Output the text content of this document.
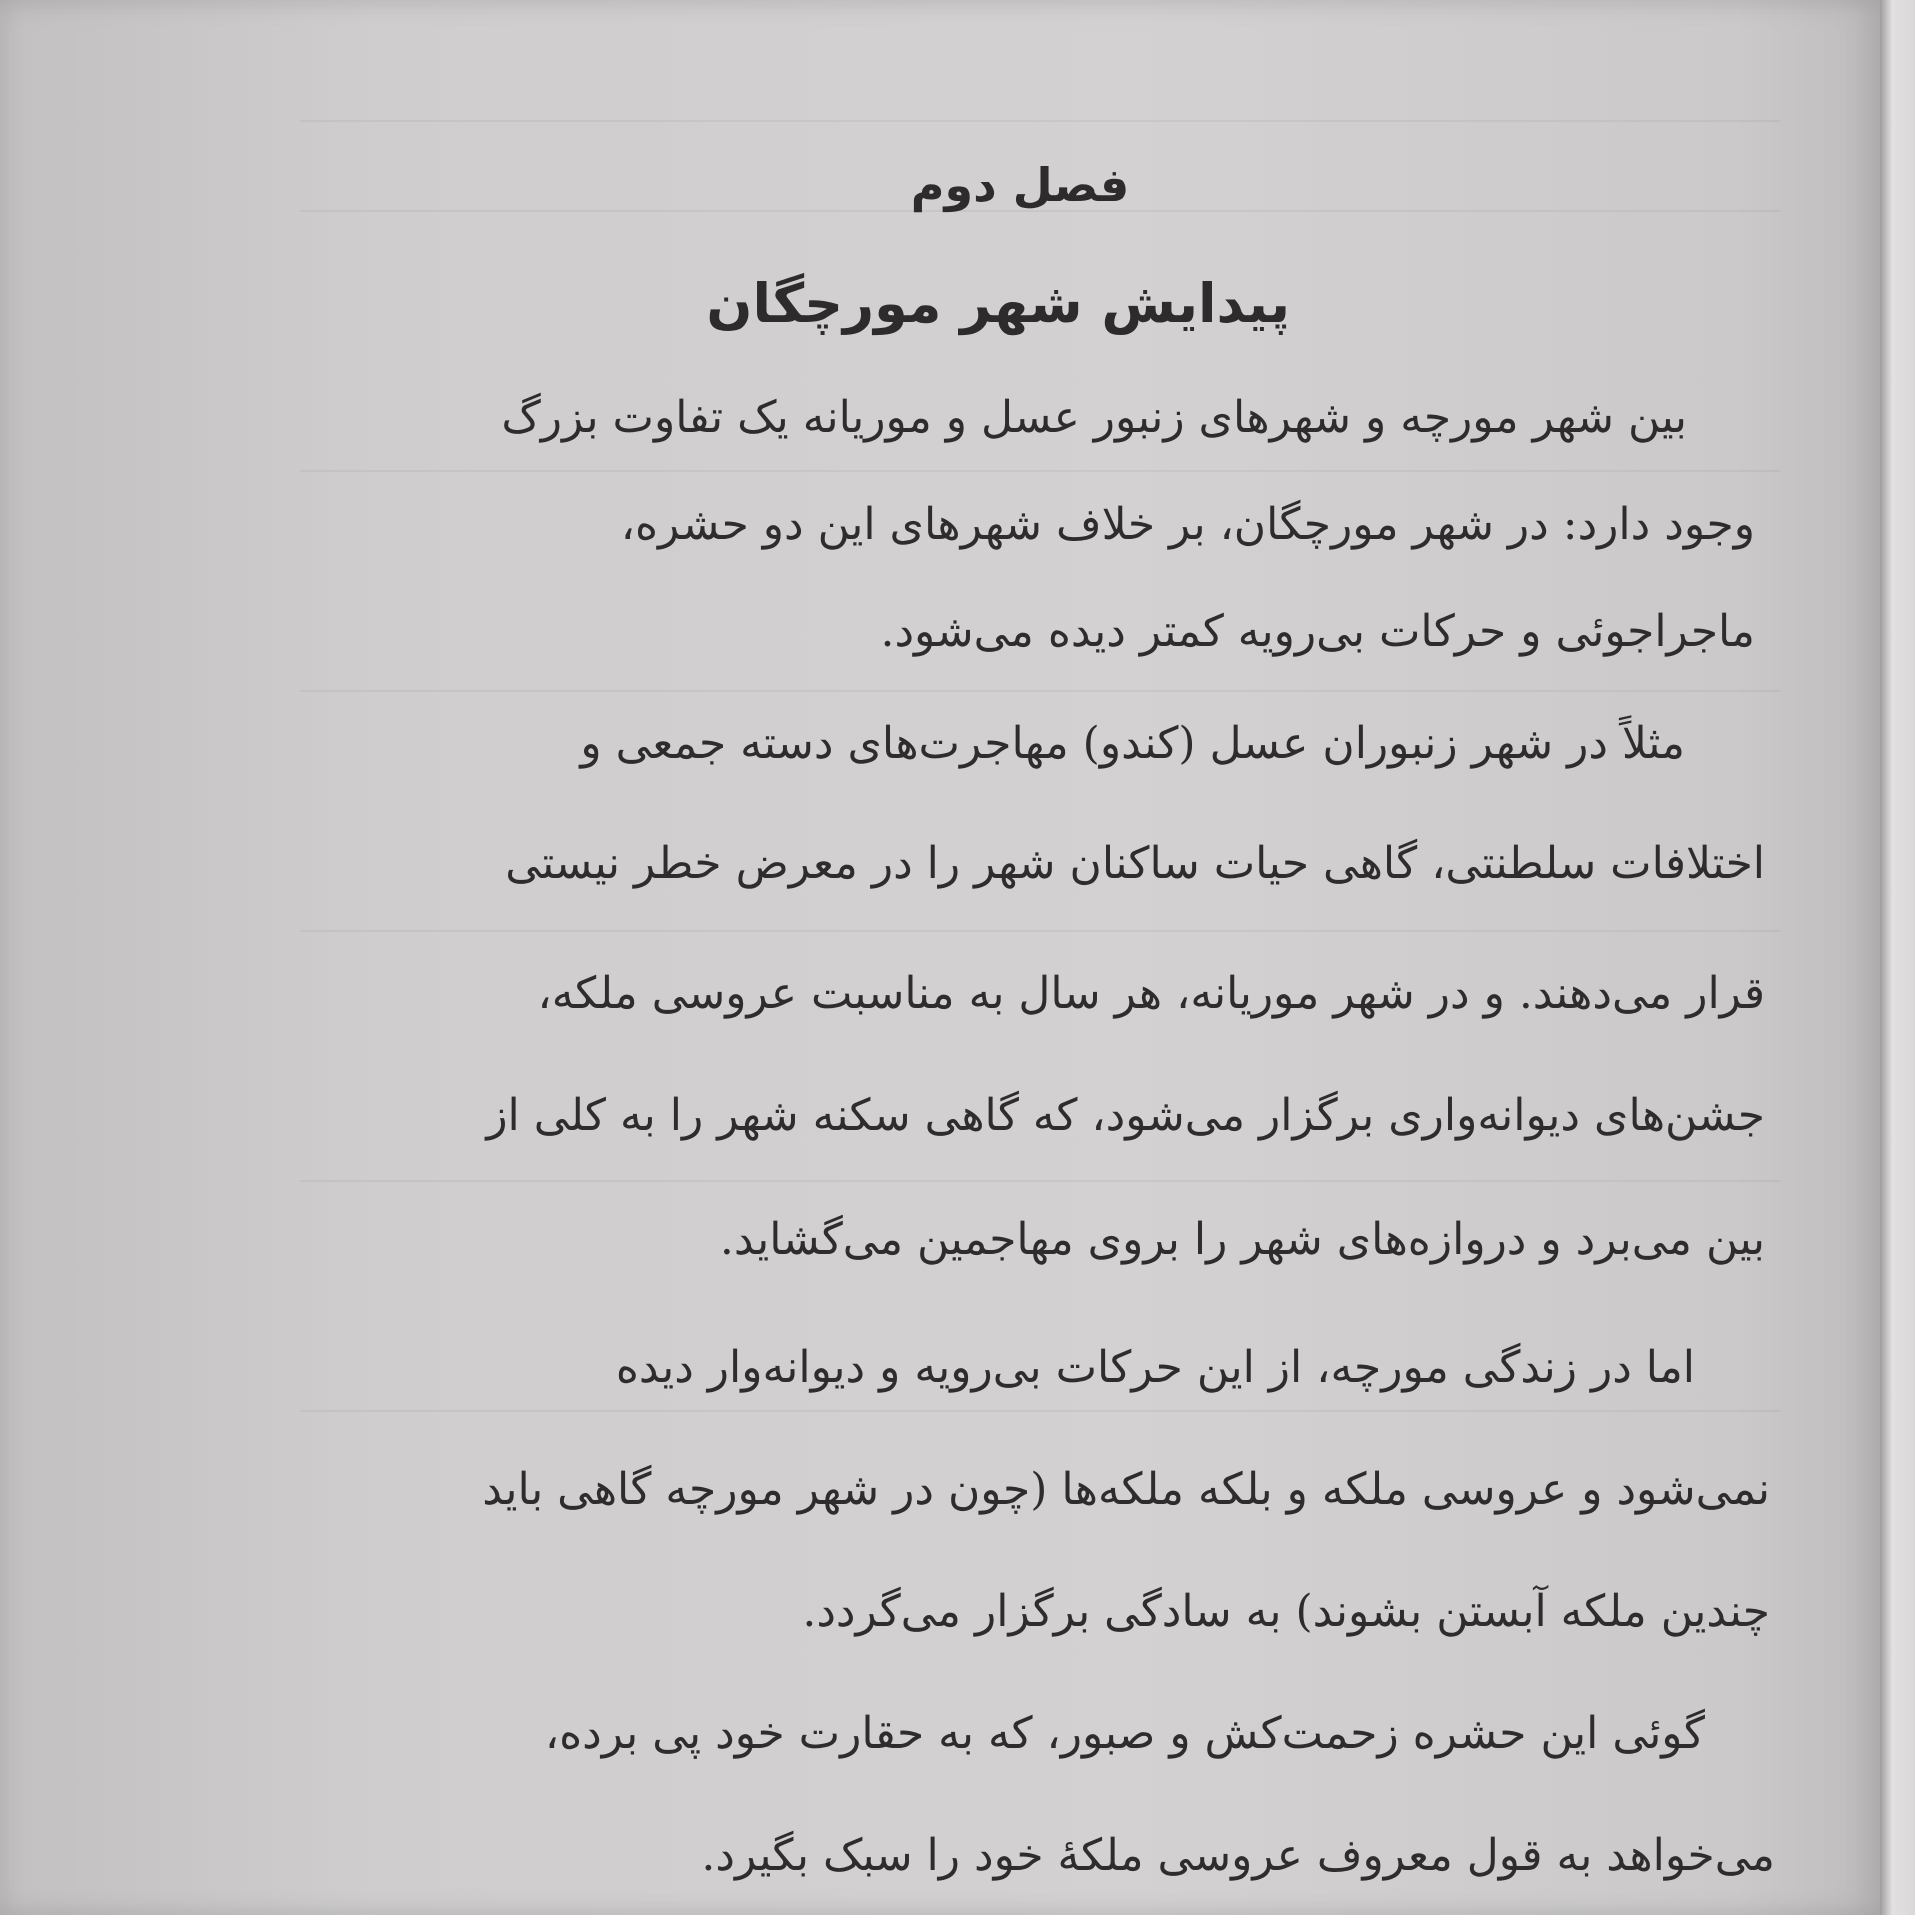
فصل دوم
پیدایش شهر مورچگان
بین شهر مورچه و شهرهای زنبور عسل و موریانه یک تفاوت بزرگ
وجود دارد: در شهر مورچگان، بر خلاف شهرهای این دو حشره،
ماجراجوئی و حرکات بی‌رویه کمتر دیده می‌شود.
مثلاً در شهر زنبوران عسل (کندو) مهاجرت‌های دسته جمعی و
اختلافات سلطنتی، گاهی حیات ساکنان شهر را در معرض خطر نیستی
قرار می‌دهند. و در شهر موریانه، هر سال به مناسبت عروسی ملکه،
جشن‌های دیوانه‌واری برگزار می‌شود، که گاهی سکنه شهر را به کلی از
بین می‌برد و دروازه‌های شهر را بروی مهاجمین می‌گشاید.
اما در زندگی مورچه، از این حرکات بی‌رویه و دیوانه‌وار دیده
نمی‌شود و عروسی ملکه و بلکه ملکه‌ها (چون در شهر مورچه گاهی باید
چندین ملکه آبستن بشوند) به سادگی برگزار می‌گردد.
گوئی این حشره زحمت‌کش و صبور، که به حقارت خود پی برده،
می‌خواهد به قول معروف عروسی ملکهٔ خود را سبک بگیرد.
